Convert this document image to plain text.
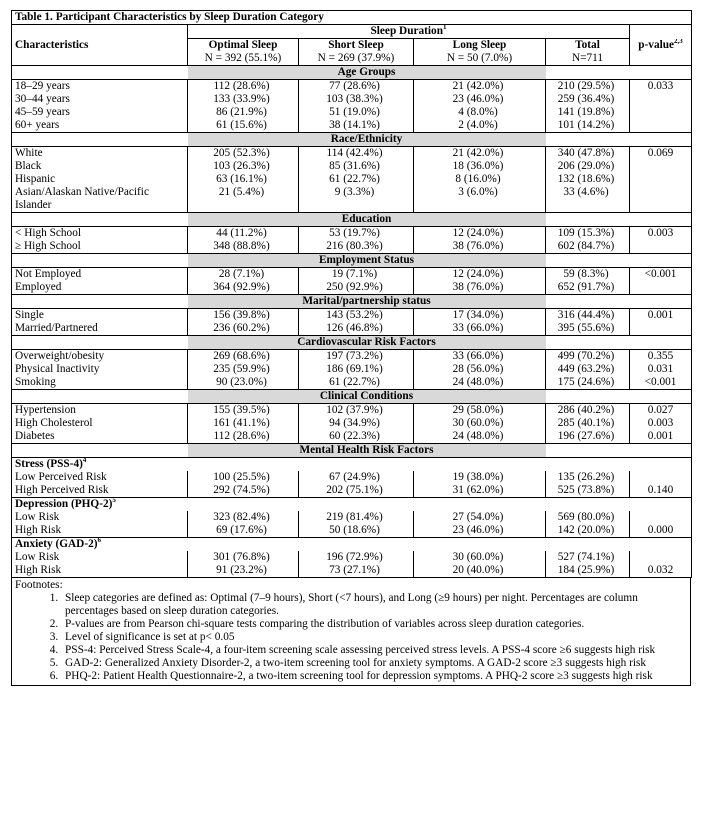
Table 1. Participant Characteristics by Sleep Duration Category					
	Sleep Duration$^1$	
Characteristics	Optimal Sleep	Short Sleep	Long Sleep	Total	p-value$^{2,3}$
	N = 392 (55.1%)	N = 269 (37.9%)	N = 50 (7.0%)	N=711	
	Age Groups				
18–29 years	112 (28.6%)	77 (28.6%)	21 (42.0%)	210 (29.5%)	0.033
30–44 years	133 (33.9%)	103 (38.3%)	23 (46.0%)	259 (36.4%)	
45–59 years	86 (21.9%)	51 (19.0%)	4 (8.0%)	141 (19.8%)	
60+ years	61 (15.6%)	38 (14.1%)	2 (4.0%)	101 (14.2%)	
	Race/Ethnicity				
White	205 (52.3%)	114 (42.4%)	21 (42.0%)	340 (47.8%)	0.069
Black	103 (26.3%)	85 (31.6%)	18 (36.0%)	206 (29.0%)	
Hispanic	63 (16.1%)	61 (22.7%)	8 (16.0%)	132 (18.6%)	
Asian/Alaskan Native/Pacific Islander	21 (5.4%)	9 (3.3%)	3 (6.0%)	33 (4.6%)	
	Education				
< High School	44 (11.2%)	53 (19.7%)	12 (24.0%)	109 (15.3%)	0.003
≥ High School	348 (88.8%)	216 (80.3%)	38 (76.0%)	602 (84.7%)	
	Employment Status				
Not Employed	28 (7.1%)	19 (7.1%)	12 (24.0%)	59 (8.3%)	<0.001
Employed	364 (92.9%)	250 (92.9%)	38 (76.0%)	652 (91.7%)	
	Marital/partnership status				
Single	156 (39.8%)	143 (53.2%)	17 (34.0%)	316 (44.4%)	0.001
Married/Partnered	236 (60.2%)	126 (46.8%)	33 (66.0%)	395 (55.6%)	
	Cardiovascular Risk Factors				
Overweight/obesity	269 (68.6%)	197 (73.2%)	33 (66.0%)	499 (70.2%)	0.355
Physical Inactivity	235 (59.9%)	186 (69.1%)	28 (56.0%)	449 (63.2%)	0.031
Smoking	90 (23.0%)	61 (22.7%)	24 (48.0%)	175 (24.6%)	<0.001
	Clinical Conditions				
Hypertension	155 (39.5%)	102 (37.9%)	29 (58.0%)	286 (40.2%)	0.027
High Cholesterol	161 (41.1%)	94 (34.9%)	30 (60.0%)	285 (40.1%)	0.003
Diabetes	112 (28.6%)	60 (22.3%)	24 (48.0%)	196 (27.6%)	0.001
	Mental Health Risk Factors				
Stress $(PSS-4)^4$
Low Perceived Risk	100 (25.5%)	67 (24.9%)	19 (38.0%)	135 (26.2%)	
High Perceived Risk	292 (74.5%)	202 (75.1%)	31 (62.0%)	525 (73.8%)	0.140
Depression $(PHQ-2)^5$
Low Risk	323 (82.4%)	219 (81.4%)	27 (54.0%)	569 (80.0%)	
High Risk	69 (17.6%)	50 (18.6%)	23 (46.0%)	142 (20.0%)	0.000
Anxiety $(GAD-2)^6$
Low Risk	301 (76.8%)	196 (72.9%)	30 (60.0%)	527 (74.1%)	
High Risk	91 (23.2%)	73 (27.1%)	20 (40.0%)	184 (25.9%)	0.032
Footnotes:
1. Sleep categories are defined as: Optimal (7–9 hours), Short (<7 hours), and Long (≥9 hours) per night. Percentages are column percentages based on sleep duration categories.
2. P-values are from Pearson chi-square tests comparing the distribution of variables across sleep duration categories.
3. Level of significance is set at p< 0.05
4. PSS-4: Perceived Stress Scale-4, a four-item screening scale assessing perceived stress levels. A PSS-4 score ≥6 suggests high risk
5. GAD-2: Generalized Anxiety Disorder-2, a two-item screening tool for anxiety symptoms. A GAD-2 score ≥3 suggests high risk
6. PHQ-2: Patient Health Questionnaire-2, a two-item screening tool for depression symptoms. A PHQ-2 score ≥3 suggests high risk
